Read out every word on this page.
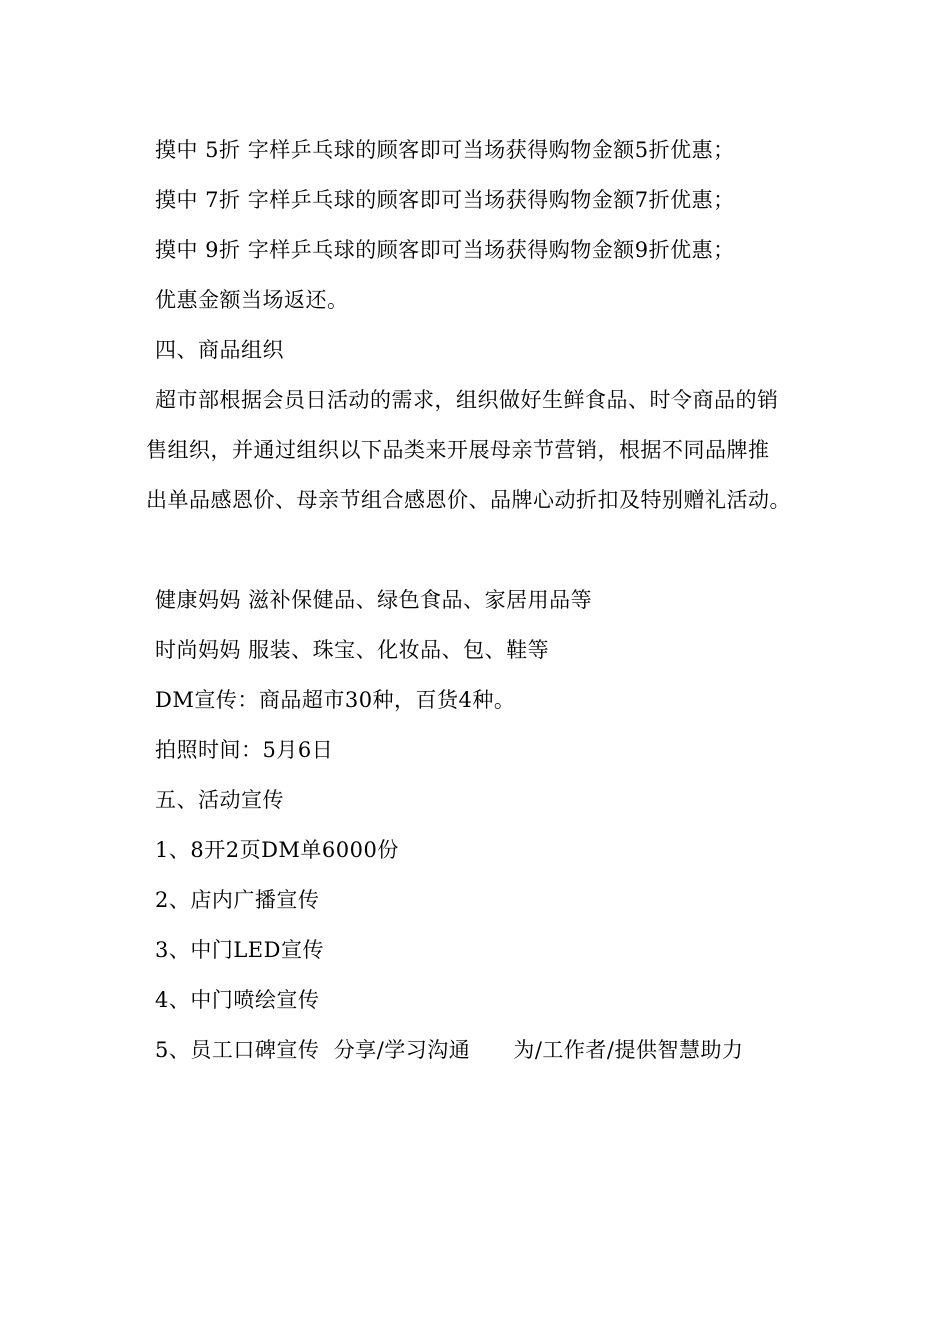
摸中 5折 字样乒乓球的顾客即可当场获得购物金额5折优惠；
摸中 7折 字样乒乓球的顾客即可当场获得购物金额7折优惠；
摸中 9折 字样乒乓球的顾客即可当场获得购物金额9折优惠；
优惠金额当场返还。
四、商品组织
超市部根据会员日活动的需求，组织做好生鲜食品、时令商品的销
售组织，并通过组织以下品类来开展母亲节营销，根据不同品牌推
出单品感恩价、母亲节组合感恩价、品牌心动折扣及特别赠礼活动。
健康妈妈 滋补保健品、绿色食品、家居用品等
时尚妈妈 服装、珠宝、化妆品、包、鞋等
DM宣传：商品超市30种，百货4种。
拍照时间：5月6日
五、活动宣传
1、8开2页DM单6000份
2、店内广播宣传
3、中门LED宣传
4、中门喷绘宣传
5、员工口碑宣传  分享/学习沟通      为/工作者/提供智慧助力
